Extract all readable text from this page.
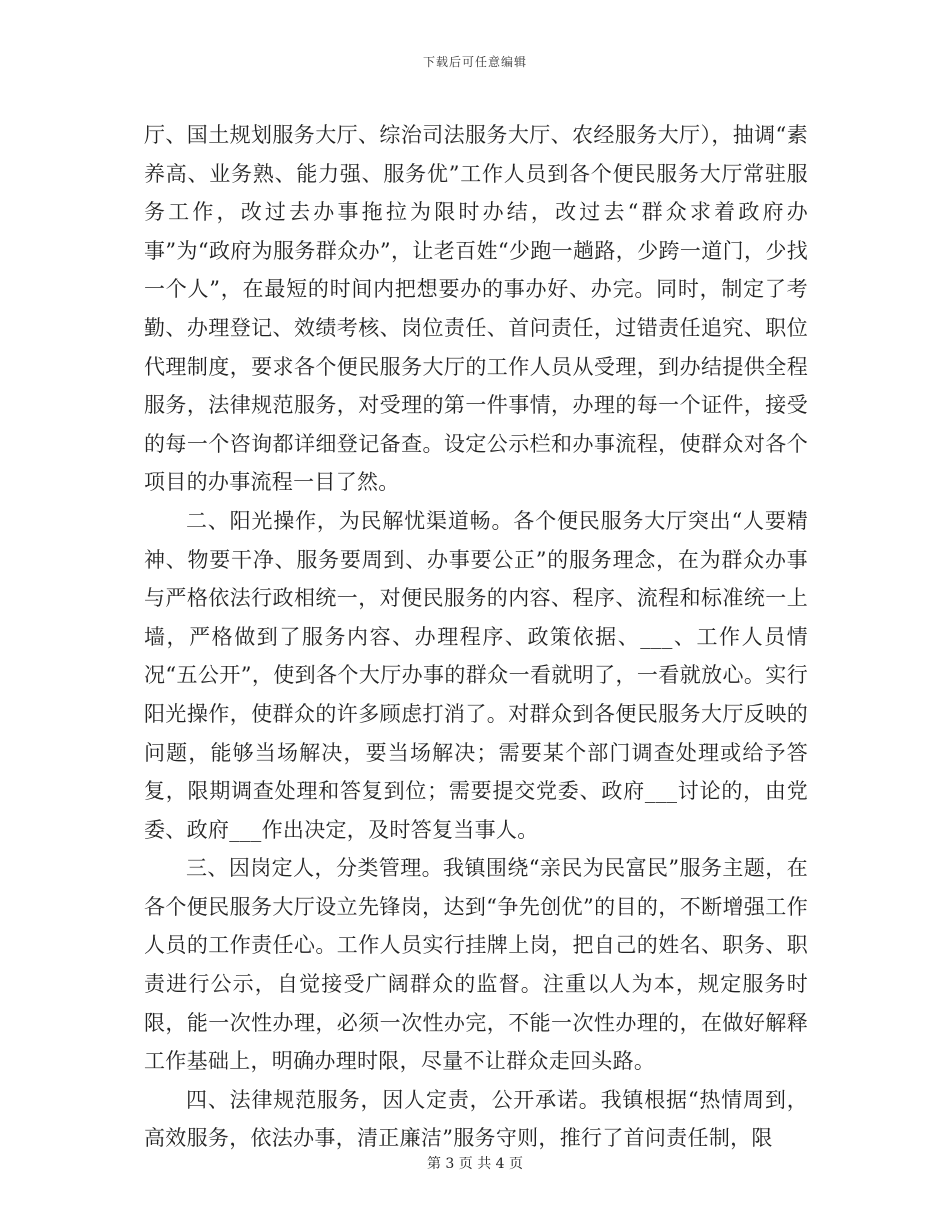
下载后可任意编辑

厅、国土规划服务大厅、综治司法服务大厅、农经服务大厅），抽调“素养高、业务熟、能力强、服务优”工作人员到各个便民服务大厅常驻服务工作，改过去办事拖拉为限时办结，改过去“群众求着政府办事”为“政府为服务群众办”，让老百姓“少跑一趟路，少跨一道门，少找一个人”，在最短的时间内把想要办的事办好、办完。同时，制定了考勤、办理登记、效绩考核、岗位责任、首问责任，过错责任追究、职位代理制度，要求各个便民服务大厅的工作人员从受理，到办结提供全程服务，法律规范服务，对受理的第一件事情，办理的每一个证件，接受的每一个咨询都详细登记备查。设定公示栏和办事流程，使群众对各个项目的办事流程一目了然。

二、阳光操作，为民解忧渠道畅。各个便民服务大厅突出“人要精神、物要干净、服务要周到、办事要公正”的服务理念，在为群众办事与严格依法行政相统一，对便民服务的内容、程序、流程和标准统一上墙，严格做到了服务内容、办理程序、政策依据、___、工作人员情况“五公开”，使到各个大厅办事的群众一看就明了，一看就放心。实行阳光操作，使群众的许多顾虑打消了。对群众到各便民服务大厅反映的问题，能够当场解决，要当场解决；需要某个部门调查处理或给予答复，限期调查处理和答复到位；需要提交党委、政府___讨论的，由党委、政府___作出决定，及时答复当事人。

三、因岗定人，分类管理。我镇围绕“亲民为民富民”服务主题，在各个便民服务大厅设立先锋岗，达到“争先创优”的目的，不断增强工作人员的工作责任心。工作人员实行挂牌上岗，把自己的姓名、职务、职责进行公示，自觉接受广阔群众的监督。注重以人为本，规定服务时限，能一次性办理，必须一次性办完，不能一次性办理的，在做好解释工作基础上，明确办理时限，尽量不让群众走回头路。

四、法律规范服务，因人定责，公开承诺。我镇根据“热情周到，高效服务，依法办事，清正廉洁”服务守则，推行了首问责任制，限

第 3 页 共 4 页
